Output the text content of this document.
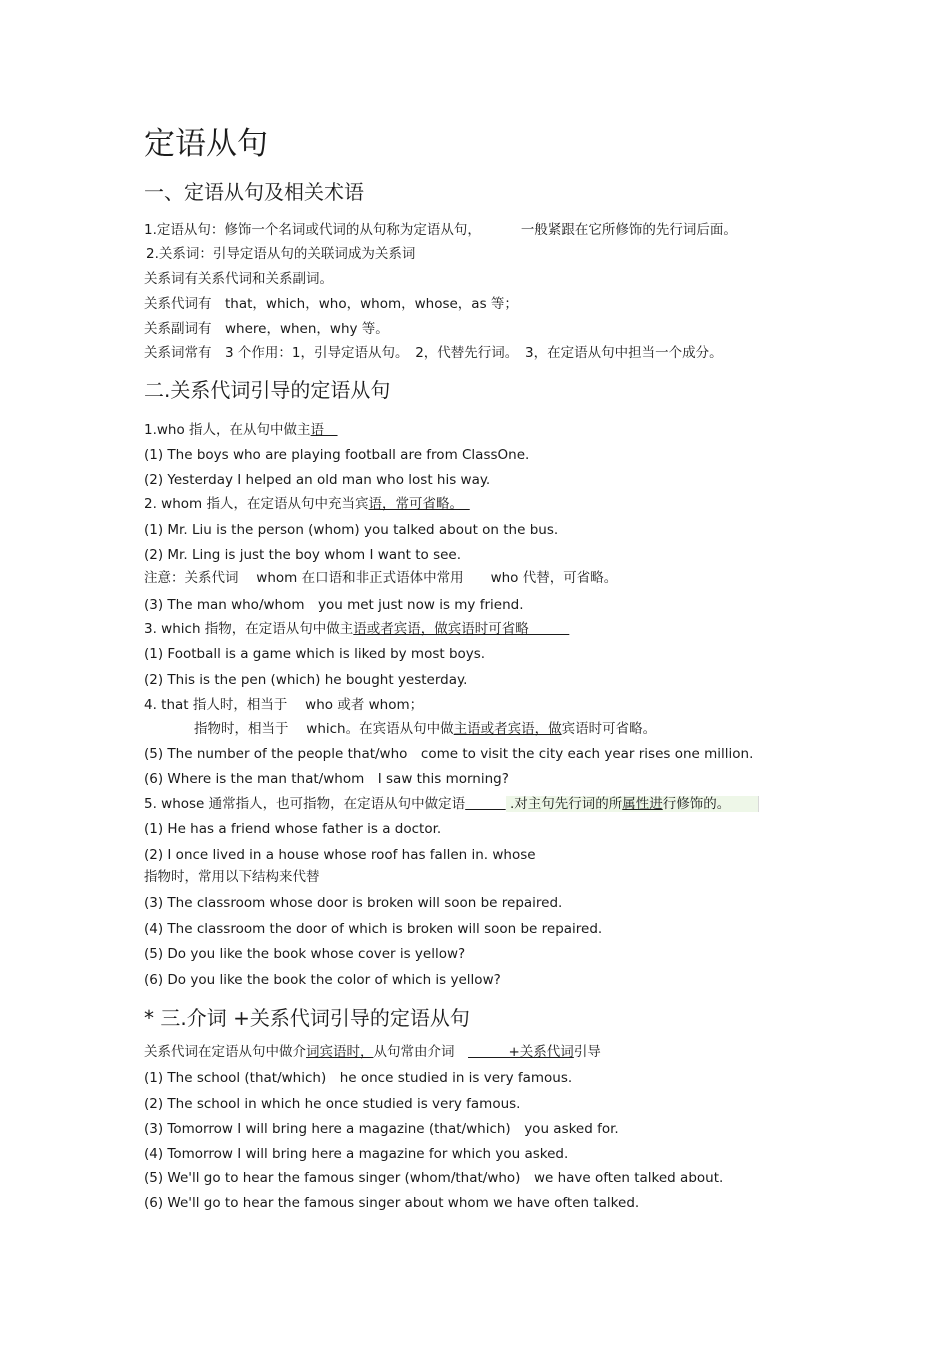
定语从句
一、定语从句及相关术语

1.定语从句：修饰一个名词或代词的从句称为定语从句，	一般紧跟在它所修饰的先行词后面。

2.关系词：引导定语从句的关联词成为关系词

关系词有关系代词和关系副词。

关系代词有　that，which，who，whom，whose，as 等；

关系副词有　where，when，why 等。

关系词常有　3 个作用：1，引导定语从句。　2，代替先行词。　3，在定语从句中担当一个成分。

二.关系代词引导的定语从句

1.who 指人，在从句中做主语　

(1) The boys who are playing football are from ClassOne.

(2) Yesterday I helped an old man who lost his way.

2. whom 指人，在定语从句中充当宾语，常可省略。　

(1) Mr. Liu is the person (whom) you talked about on the bus.

(2) Mr. Ling is just the boy whom I want to see.

注意：关系代词　 whom 在口语和非正式语体中常用　　who 代替，可省略。

(3) The man who/whom　you met just now is my friend.

3. which 指物，在定语从句中做主语或者宾语，做宾语时可省略　　　

(1) Football is a game which is liked by most boys.

(2) This is the pen (which) he bought yesterday.

4. that 指人时，相当于　 who 或者 whom；

指物时，相当于　 which。在宾语从句中做主语或者宾语，做宾语时可省略。

(5) The number of the people that/who　come to visit the city each year rises one million.

(6) Where is the man that/whom　I saw this morning?

5. whose 通常指人，也可指物，在定语从句中做定语　　　	.对主句先行词的所属性进行修饰的。

(1) He has a friend whose father is a doctor.

(2) I once lived in a house whose roof has fallen in. whose

指物时，常用以下结构来代替

(3) The classroom whose door is broken will soon be repaired.

(4) The classroom the door of which is broken will soon be repaired.

(5) Do you like the book whose cover is yellow?

(6) Do you like the book the color of which is yellow?

* 三.介词 +关系代词引导的定语从句

关系代词在定语从句中做介词宾语时，从句常由介词　　　　+关系代词引导

(1) The school (that/which)　he once studied in is very famous.

(2) The school in which he once studied is very famous.

(3) Tomorrow I will bring here a magazine (that/which)　you asked for.

(4) Tomorrow I will bring here a magazine for which you asked.

(5) We'll go to hear the famous singer (whom/that/who)　we have often talked about.

(6) We'll go to hear the famous singer about whom we have often talked.
